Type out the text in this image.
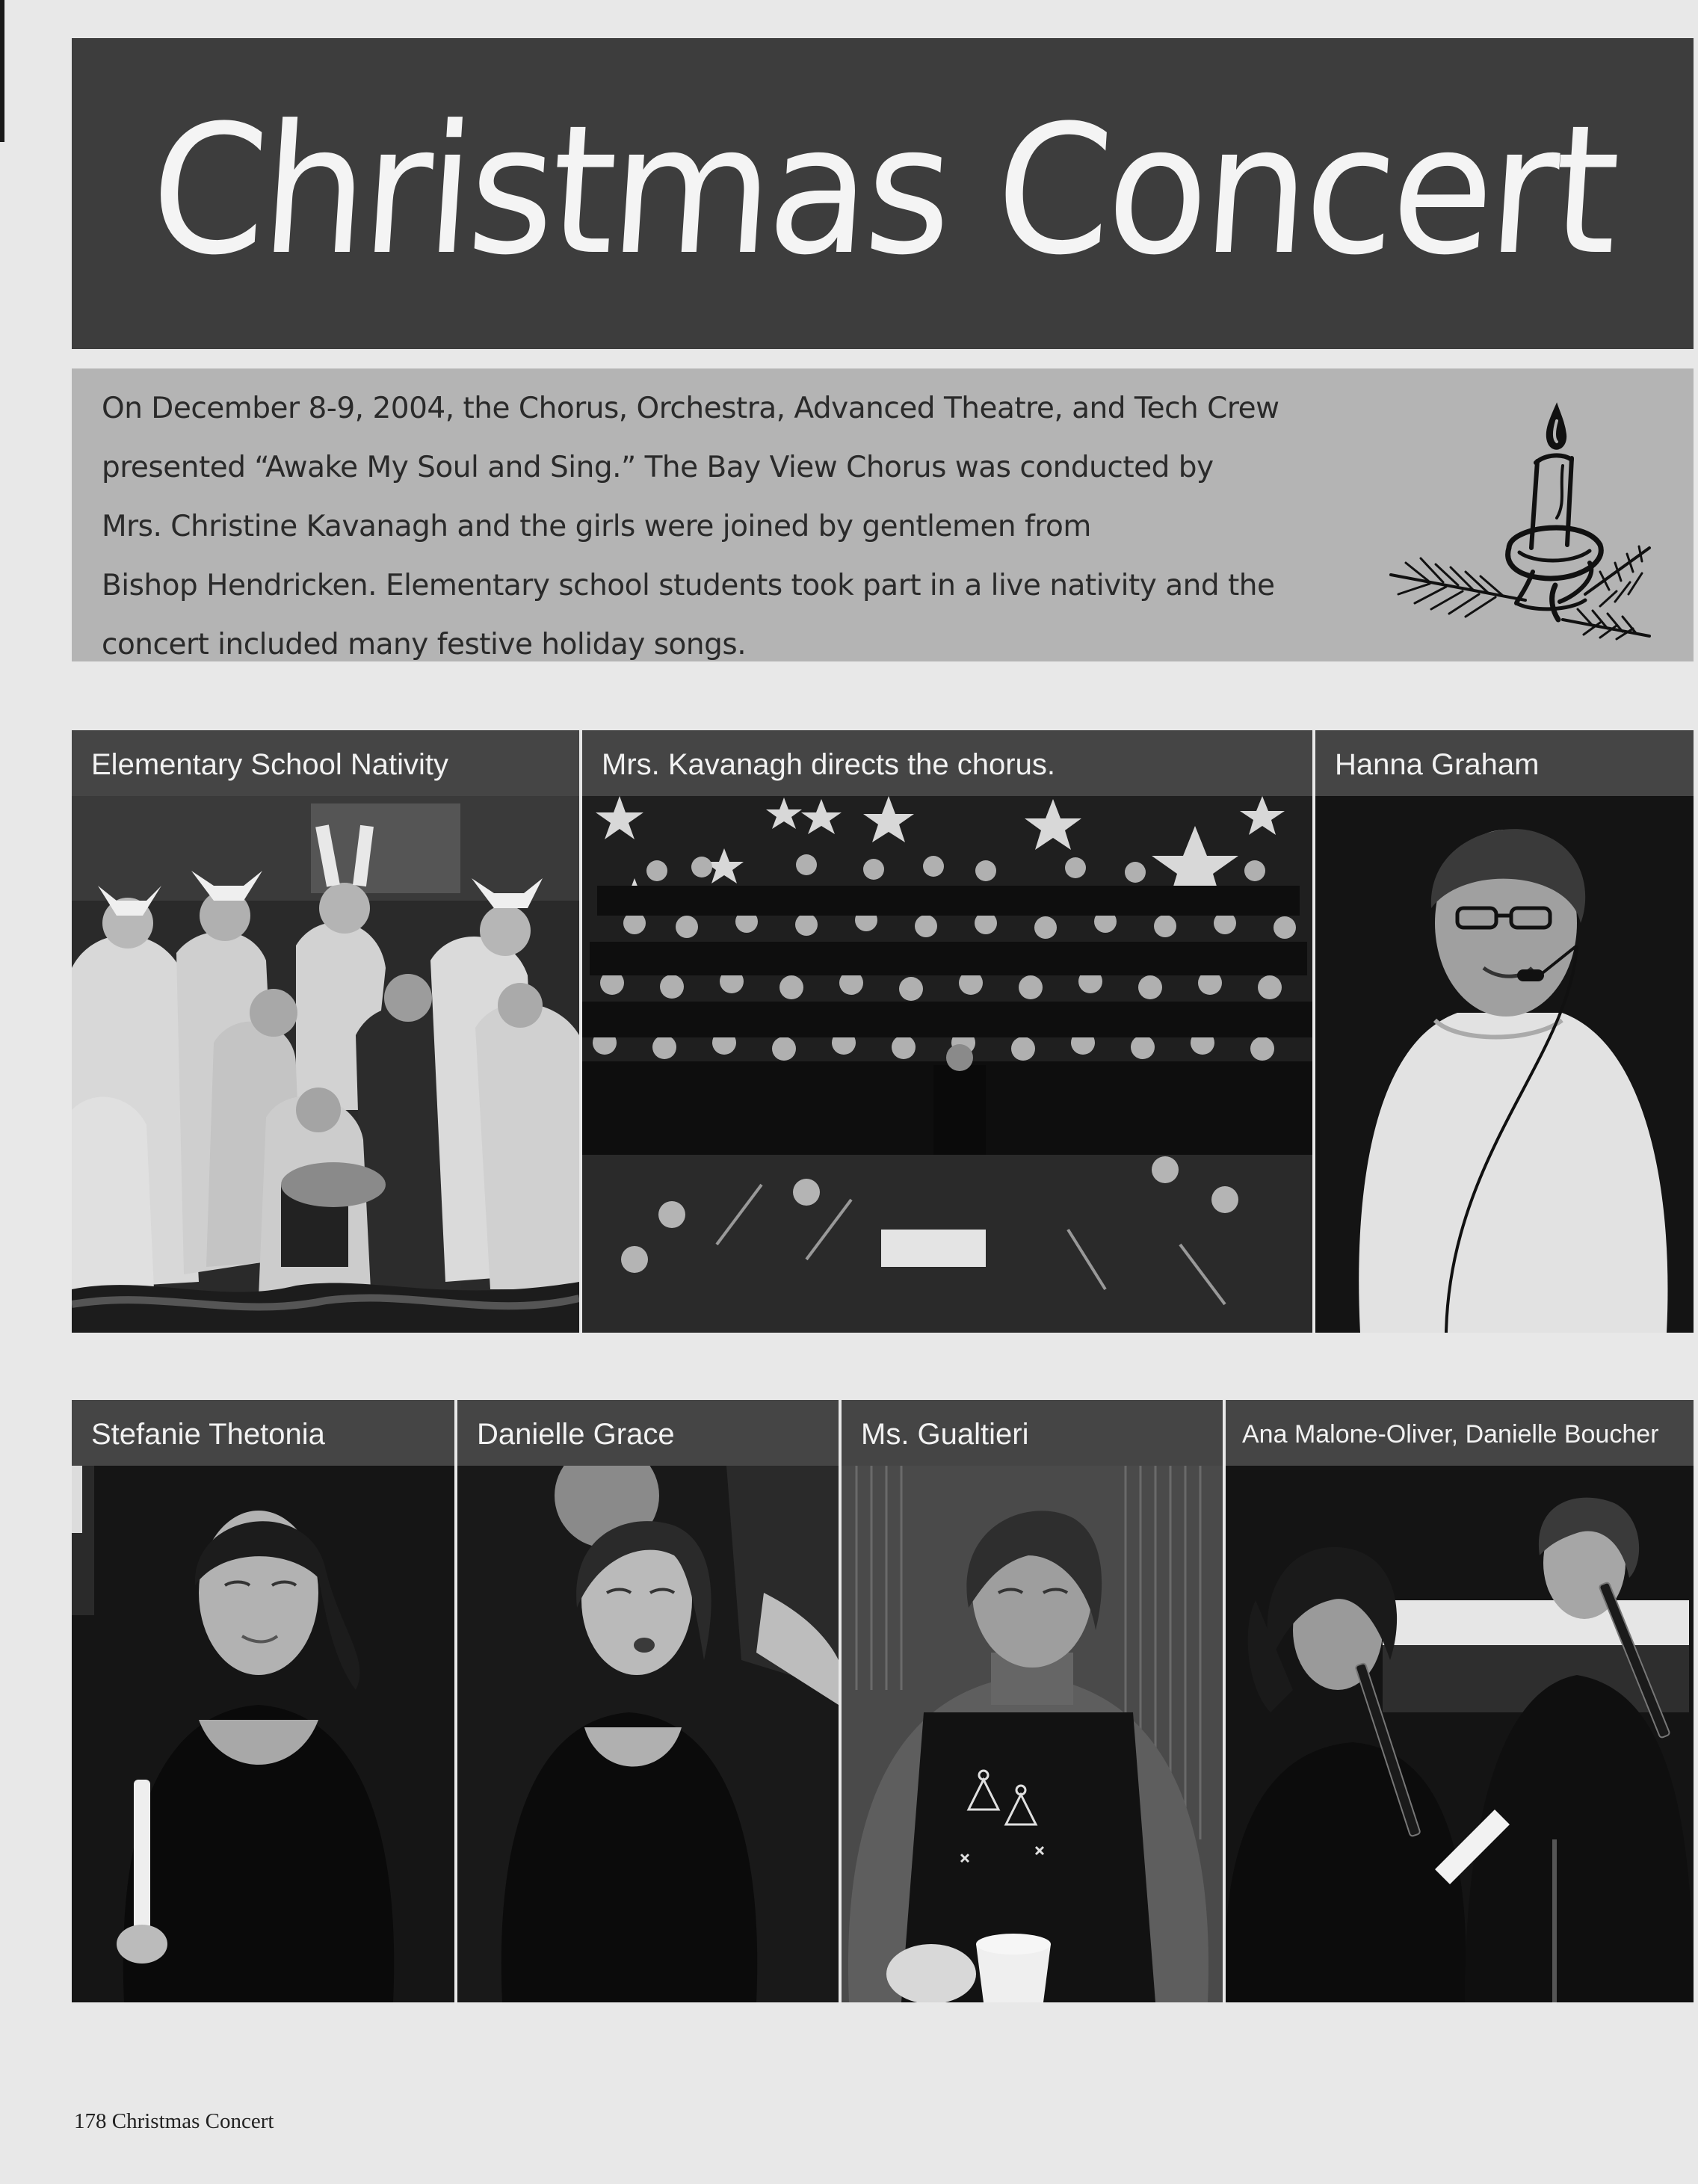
Christmas Concert

On December 8-9, 2004, the Chorus, Orchestra, Advanced Theatre, and Tech Crew
presented “Awake My Soul and Sing.” The Bay View Chorus was conducted by
Mrs. Christine Kavanagh and the girls were joined by gentlemen from
Bishop Hendricken. Elementary school students took part in a live nativity and the
concert included many festive holiday songs.

Elementary School Nativity	Mrs. Kavanagh directs the chorus.	Hanna Graham
Stefanie Thetonia	Danielle Grace	Ms. Gualtieri	Ana Malone-Oliver, Danielle Boucher
178 Christmas Concert
